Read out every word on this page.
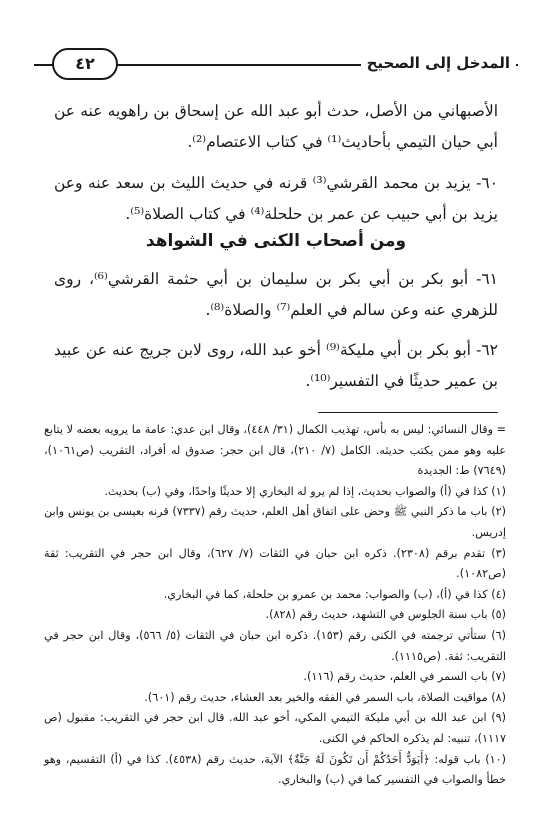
المدخل إلى الصحيح
٤٢

الأصبهاني من الأصل، حدث أبو عبد الله عن إسحاق بن راهويه عنه عن أبي حيان التيمي بأحاديث⁽¹⁾ في كتاب الاعتصام⁽²⁾.

٦٠- يزيد بن محمد القرشي⁽³⁾ قرنه في حديث الليث بن سعد عنه وعن يزيد بن أبي حبيب عن عمر بن حلحلة⁽⁴⁾ في كتاب الصلاة⁽⁵⁾.

ومن أصحاب الكنى في الشواهد

٦١- أبو بكر بن أبي بكر بن سليمان بن أبي حثمة القرشي⁽⁶⁾، روى للزهري عنه وعن سالم في العلم⁽⁷⁾ والصلاة⁽⁸⁾.

٦٢- أبو بكر بن أبي مليكة⁽⁹⁾ أخو عبد الله، روى لابن جريج عنه عن عبيد بن عمير حديثًا في التفسير⁽¹⁰⁾.

= وقال النسائي: ليس به بأس، تهذيب الكمال (٣١/ ٤٤٨)، وقال ابن عدي: عامة ما يرويه بعضه لا يتابع عليه وهو ممن يكتب حديثه. الكامل (٧/ ٢١٠)، قال ابن حجر: صدوق له أفراد، التقريب (ص١٠٦١)، (٧٦٤٩) ط: الجديدة

(١) كذا في (أ) والصواب بحديث، إذا لم يرو له البخاري إلا حديثًا واحدًا، وفي (ب) بحديث.

(٢) باب ما ذكر النبي ﷺ وحض على اتفاق أهل العلم، حديث رقم (٧٣٣٧) قرنه بعيسى بن يونس وابن إدريس.

(٣) تقدم برقم (٢٣٠٨). ذكره ابن حبان في الثقات (٧/ ٦٢٧)، وقال ابن حجر في التقريب: ثقة (ص١٠٨٢).

(٤) كذا في (أ)، (ب) والصواب: محمد بن عمرو بن حلحلة، كما في البخاري.

(٥) باب سنة الجلوس في التشهد، حديث رقم (٨٢٨).

(٦) ستأتي ترجمته في الكنى رقم (١٥٣). ذكره ابن حبان في الثقات (٥/ ٥٦٦)، وقال ابن حجر في التقريب: ثقة. (ص١١١٥).

(٧) باب السمر في العلم، حديث رقم (١١٦).

(٨) مواقيت الصلاة، باب السمر في الفقه والخير بعد العشاء، حديث رقم (٦٠١).

(٩) ابن عبد الله بن أبي مليكة التيمي المكي، أخو عبد الله. قال ابن حجر في التقريب: مقبول (ص ١١١٧)، تنبيه: لم يذكره الحاكم في الكنى.

(١٠) باب قوله: ﴿أَيَوَدُّ أَحَدُكُمْ أَن تَكُونَ لَهُ جَنَّةٌ﴾ الآية، حديث رقم (٤٥٣٨). كذا في (أ) التقسيم، وهو خطأ والصواب في التفسير كما في (ب) والبخاري.
